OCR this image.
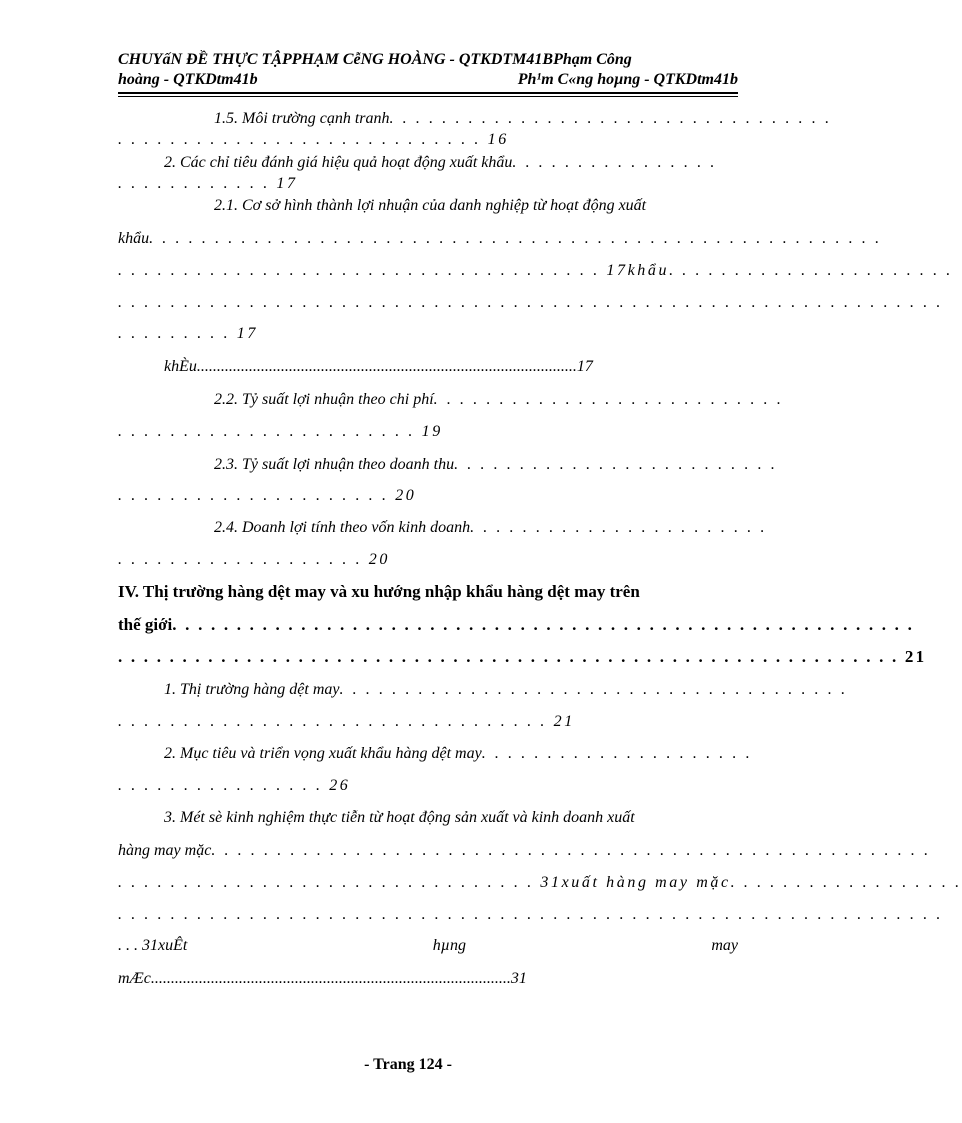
CHUYấN ĐỀ THỰC TẬPPHẠM CễNG HOÀNG - QTKDTM41BPhạm Công
hoàng - QTKDtm41b	Ph¹m C«ng hoµng - QTKDtm41b
1.5. Môi trường cạnh tranh. . . . . . . . . . . . . . . . . . . . . . . . . . . . . . . . . .
. . . . . . . . . . . . . . . . . . . . . . . . . . . . 16
2. Các chỉ tiêu đánh giá hiệu quả hoạt động xuất khẩu. . . . . . . . . . . . . . . .
. . . . . . . . . . . . 17
2.1. Cơ sở hình thành lợi nhuận của danh nghiệp từ hoạt động xuất
khẩu. . . . . . . . . . . . . . . . . . . . . . . . . . . . . . . . . . . . . . . . . . . . . . . . . . . . . . . .
. . . . . . . . . . . . . . . . . . . . . . . . . . . . . . . . . . . . . 17khẩu. . . . . . . . . . . . . . . . . . . . . .
. . . . . . . . . . . . . . . . . . . . . . . . . . . . . . . . . . . . . . . . . . . . . . . . . . . . . . . . . . . . . . .
. . . . . . . . . 17
khÈu...............................................................................................17
2.2. Tỷ suất lợi nhuận theo chi phí. . . . . . . . . . . . . . . . . . . . . . . . . . .
. . . . . . . . . . . . . . . . . . . . . . . 19
2.3. Tỷ suất lợi nhuận theo doanh thu. . . . . . . . . . . . . . . . . . . . . . . . .
. . . . . . . . . . . . . . . . . . . . . 20
2.4. Doanh lợi tính theo vốn kinh doanh. . . . . . . . . . . . . . . . . . . . . . .
. . . . . . . . . . . . . . . . . . . 20
IV. Thị trường hàng dệt may và xu hướng nhập khẩu hàng dệt may trên
thế giới. . . . . . . . . . . . . . . . . . . . . . . . . . . . . . . . . . . . . . . . . . . . . . . . . . . . . . . . . .
. . . . . . . . . . . . . . . . . . . . . . . . . . . . . . . . . . . . . . . . . . . . . . . . . . . . . . . . . . . . . 21
1. Thị trường hàng dệt may. . . . . . . . . . . . . . . . . . . . . . . . . . . . . . . . . . . . . . .
. . . . . . . . . . . . . . . . . . . . . . . . . . . . . . . . . 21
2. Mục tiêu và triển vọng xuất khẩu hàng dệt may. . . . . . . . . . . . . . . . . . . . .
. . . . . . . . . . . . . . . . 26
3. Mét sè kinh nghiệm thực tiễn từ hoạt động sản xuất và kinh doanh xuất
hàng may mặc. . . . . . . . . . . . . . . . . . . . . . . . . . . . . . . . . . . . . . . . . . . . . . . . . . . . . . .
. . . . . . . . . . . . . . . . . . . . . . . . . . . . . . . . 31xuất hàng may mặc. . . . . . . . . . . . . . . . . .
. . . . . . . . . . . . . . . . . . . . . . . . . . . . . . . . . . . . . . . . . . . . . . . . . . . . . . . . . . . . . . .
. . . 31xuÊt	hµng	may
mÆc..........................................................................................31
- Trang 124 -
